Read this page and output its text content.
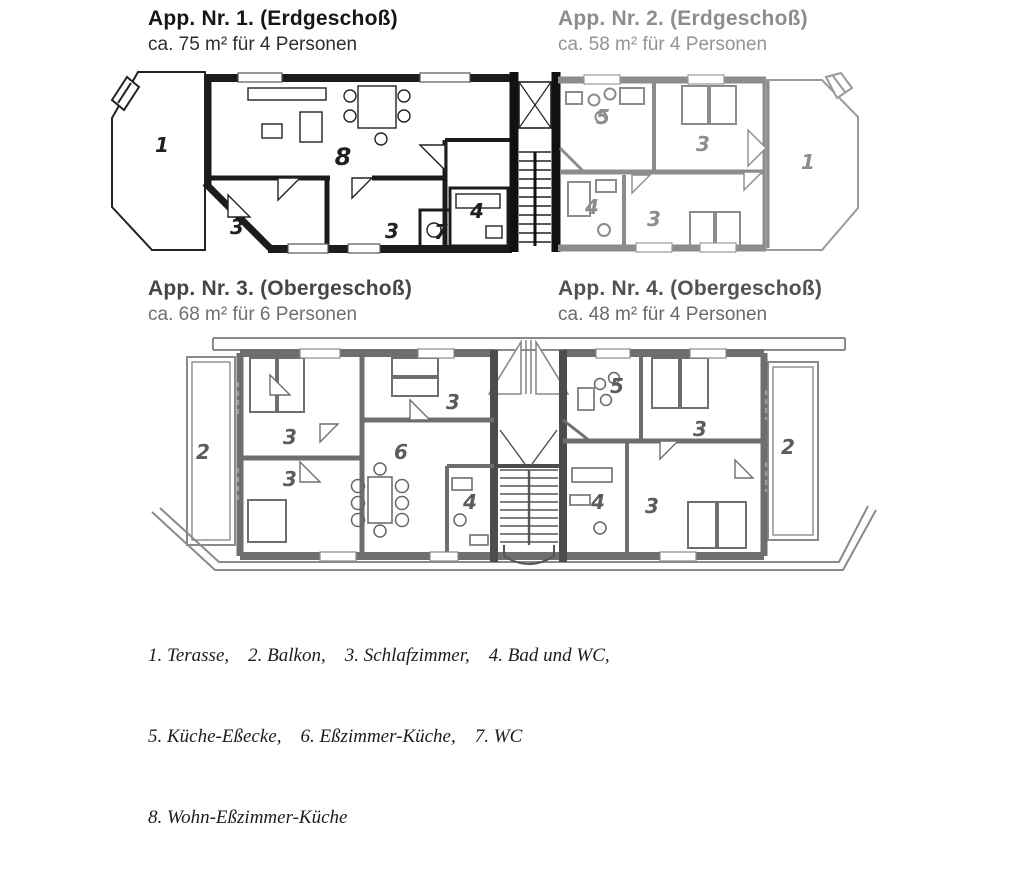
App. Nr. 1. (Erdgeschoß)
ca. 75 m² für 4 Personen
App. Nr. 2. (Erdgeschoß)
ca. 58 m² für 4 Personen
App. Nr. 3. (Obergeschoß)
ca. 68 m² für 6 Personen
App. Nr. 4. (Obergeschoß)
ca. 48 m² für 4 Personen
1	8
3	3
4
7
5
3
4 3
1
2
3
3
3
6
4
5
3
4 3
2

1. Terasse,    2. Balkon,    3. Schlafzimmer,    4. Bad und WC,

5. Küche-Eßecke,    6. Eßzimmer-Küche,    7. WC

8. Wohn-Eßzimmer-Küche
